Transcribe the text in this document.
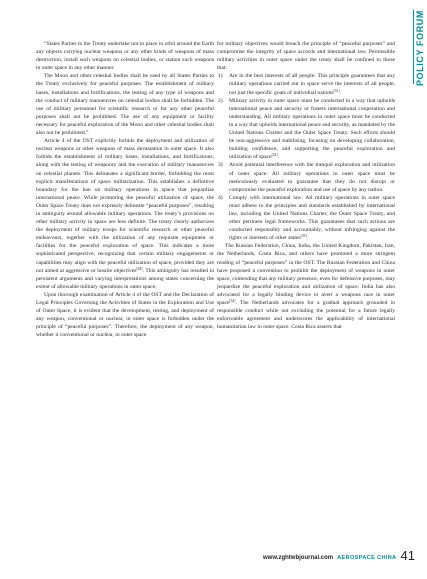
POLICY FORUM

“States Parties to the Treaty undertake not to place in orbit around the Earth any objects carrying nuclear weapons or any other kinds of weapons of mass destruction, install such weapons on celestial bodies, or station such weapons in outer space in any other manner.

The Moon and other celestial bodies shall be used by all States Parties to the Treaty exclusively for peaceful purposes. The establishment of military bases, installations and fortifications, the testing of any type of weapons and the conduct of military manoeuvres on celestial bodies shall be forbidden. The use of military personnel for scientific research or for any other peaceful purposes shall not be prohibited. The use of any equipment or facility necessary for peaceful exploration of the Moon and other celestial bodies shall also not be prohibited.”

Article 4 of the OST explicitly forbids the deployment and utilization of nuclear weapons or other weapons of mass devastation in outer space. It also forbids the establishment of military bases, installations, and fortifications, along with the testing of weaponry and the execution of military manoeuvres on celestial planets. This delineates a significant border, forbidding the most explicit manifestations of space militarization. This establishes a definitive boundary for the ban on military operations in space that jeopardize international peace. While promoting the peaceful utilization of space, the Outer Space Treaty does not expressly delineate “peaceful purposes”, resulting in ambiguity around allowable military operations. The treaty’s provisions on other military activity in space are less definite. The treaty clearly authorizes the deployment of military troops for scientific research or other peaceful endeavours, together with the utilization of any requisite equipment or facilities for the peaceful exploration of space. This indicates a more sophisticated perspective, recognizing that certain military engagements or capabilities may align with the peaceful utilization of space, provided they are not aimed at aggressive or hostile objectives[28]. This ambiguity has resulted in persistent arguments and varying interpretations among states concerning the extent of allowable military operations in outer space.

Upon thorough examination of Article 4 of the OST and the Declaration of Legal Principles Governing the Activities of States in the Exploration and Use of Outer Space, it is evident that the development, testing, and deployment of any weapon, conventional or nuclear, in outer space is forbidden under the principle of “peaceful purposes”. Therefore, the deployment of any weapon, whether it conventional or nuclear, in outer space

for military objectives would breach the principle of “peaceful purposes” and compromise the integrity of space accords and international law. Permissible military activities in outer space under the treaty shall be confined to those that:

1) Are in the best interests of all people: This principle guarantees that any military operations carried out in space serve the interests of all people, not just the specific goals of individual nations[31].
2) Military activity in outer space must be conducted in a way that upholds international peace and security or fosters international cooperation and understanding. All military operations in outer space must be conducted in a way that upholds international peace and security, as mandated by the United Nations Charter and the Outer Space Treaty. Such efforts should be non-aggressive and stabilising, focusing on developing collaboration, building confidence, and supporting the peaceful exploration and utilization of space[32].
3) Avoid potential interference with the tranquil exploration and utilization of outer space: All military operations in outer space must be meticulously evaluated to guarantee that they do not disrupt or compromise the peaceful exploration and use of space by any nation.
4) Comply with international law: All military operations in outer space must adhere to the principles and standards established by international law, including the United Nations Charter, the Outer Space Treaty, and other pertinent legal frameworks. This guarantees that such actions are conducted responsibly and accountably, without infringing against the rights or interests of other states[33].

The Russian Federation, China, India, the United Kingdom, Pakistan, Iran, the Netherlands, Costa Rica, and others have promoted a more stringent reading of “peaceful purposes” in the OST. The Russian Federation and China have proposed a convention to prohibit the deployment of weapons in outer space, contending that any military presence, even for defensive purposes, may jeopardize the peaceful exploration and utilization of space. India has also advocated for a legally binding device to avert a weapons race in outer space[34]. The Netherlands advocates for a gradual approach grounded in responsible conduct while not excluding the potential for a future legally enforceable agreement and underscores the applicability of international humanitarian law in outer space. Costa Rica asserts that

www.zghtwbjournal.com AEROSPACE CHINA 41
